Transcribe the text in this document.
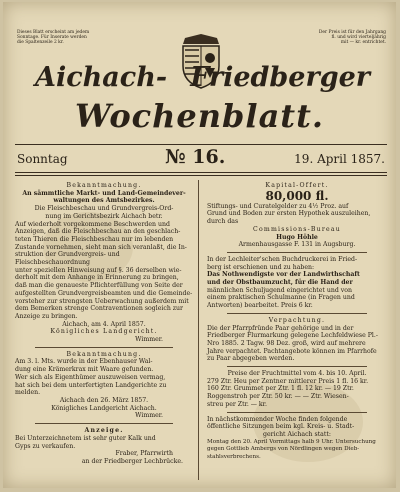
Dieses Blatt erscheint am jedem
Sonntage. Für Inserate werden
die Spaltenzeile 2 kr.
Der Preis ist für den Jahrgang
fl. und wird vierteljährig
mit — kr. entrichtet.
Aichach- Friedberger
Wochenblatt.
Sonntag	№ 16.	19. April 1857.
Bekanntmachung.
An sämmtliche Markt- und Land-Gemeindever-
waltungen des Amtsbezirkes.
Die Fleischbeschau und Grundvergreis-Ord-
nung im Gerichtsbezirk Aichach betr.
Auf wiederholt vorgekommene Beschwerden und
Anzeigen, daß die Fleischbeschau an den geschlach-
teten Thieren die Fleischbeschau nur im lebenden
Zustande vornehmen, sieht man sich veranlaßt, die In-
struktion der Grundvergreis- und Fleischbeschauordnung
unter speziellen Hinweisung auf §. 36 derselben wie-
derholt mit dem Anhange in Erinnerung zu bringen,
daß man die genaueste Pflichterfüllung von Seite der
aufgestellten Grundvergreisbeamten und die Gemeinde-
vorsteher zur strengsten Ueberwachung außerdem mit
dem Bemerken strenge Contraventionen sogleich zur
Anzeige zu bringen.
Aichach, am 4. April 1857.
Königliches Landgericht.
Wimmer.
Bekanntmachung.
Am 3. l. Mts. wurde in der Ebenhauser Wal-
dung eine Krämerkrax mit Waare gefunden.
Wer sich als Eigenthümer auszuweisen vermag,
hat sich bei dem unterfertigten Landgerichte zu melden.
Aichach den 26. März 1857.
Königliches Landgericht Aichach.
Wimmer.
Anzeige.
Bei Unterzeichnetem ist sehr guter Kalk und
Gyps zu verkaufen.
Fraber, Pfarrwirth
an der Friedberger Lechbrücke.
Kapital-Offert.
80,000 fl.
Stiftungs- und Curatelgelder zu 4½ Proz. auf
Grund und Boden zur ersten Hypothek auszuleihen,
durch das
Commissions-Bureau
Hugo Höhle
Armenhausgasse F. 131 in Augsburg.
In der Lechleiter'schen Buchdruckerei in Fried-
berg ist erschienen und zu haben:
Das Nothwendigste vor der Landwirthschaft
und der Obstbaumzucht, für die Hand der
männlichen Schuljugend eingerichtet und von
einem praktischen Schulmanne (in Fragen und
Antworten) bearbeitet. Preis 6 kr.
Verpachtung.
Die der Pfarrpfründe Paar gehörige und in der
Friedberger Flurmarkung gelegene Lechfeldwiese Pl.-
Nro 1885. 2 Tagw. 98 Dez. groß, wird auf mehrere
Jahre verpachtet. Pachtangebote können im Pfarrhofe
zu Paar abgegeben werden.
Preise der Fruchtmittel vom 4. bis 10. April.
279 Ztr. Heu per Zentner mittlerer Preis 1 fl. 16 kr.
160 Ztr. Grummet per Ztr. 1 fl. 12 kr. — 19 Ztr.
Roggenstroh per Ztr. 50 kr. — — Ztr. Wiesen-
streu per Ztr. — kr.
In nächstkommender Woche finden folgende
öffentliche Sitzungen beim kgl. Kreis- u. Stadt-
gericht Aichach statt:
Montag den 20. April Vormittags halb 9 Uhr. Untersuchung
gegen Gottlieb Ambergs von Nördlingen wegen Dieb-
stahlsverbrechens.
